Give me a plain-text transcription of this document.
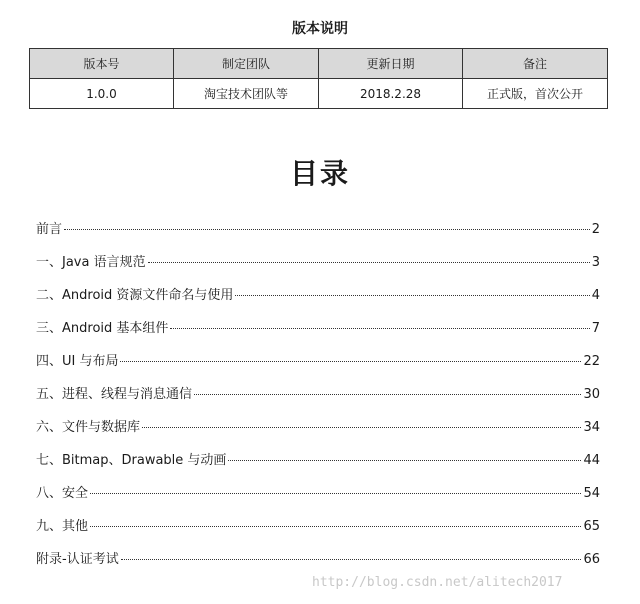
版本说明
版本号	制定团队	更新日期	备注
1.0.0	淘宝技术团队等	2018.2.28	正式版，首次公开
目录
前言	2
一、Java 语言规范	3
二、Android 资源文件命名与使用	4
三、Android 基本组件	7
四、UI 与布局	22
五、进程、线程与消息通信	30
六、文件与数据库	34
七、Bitmap、Drawable 与动画	44
八、安全	54
九、其他	65
附录-认证考试	66
http://blog.csdn.net/alitech2017
